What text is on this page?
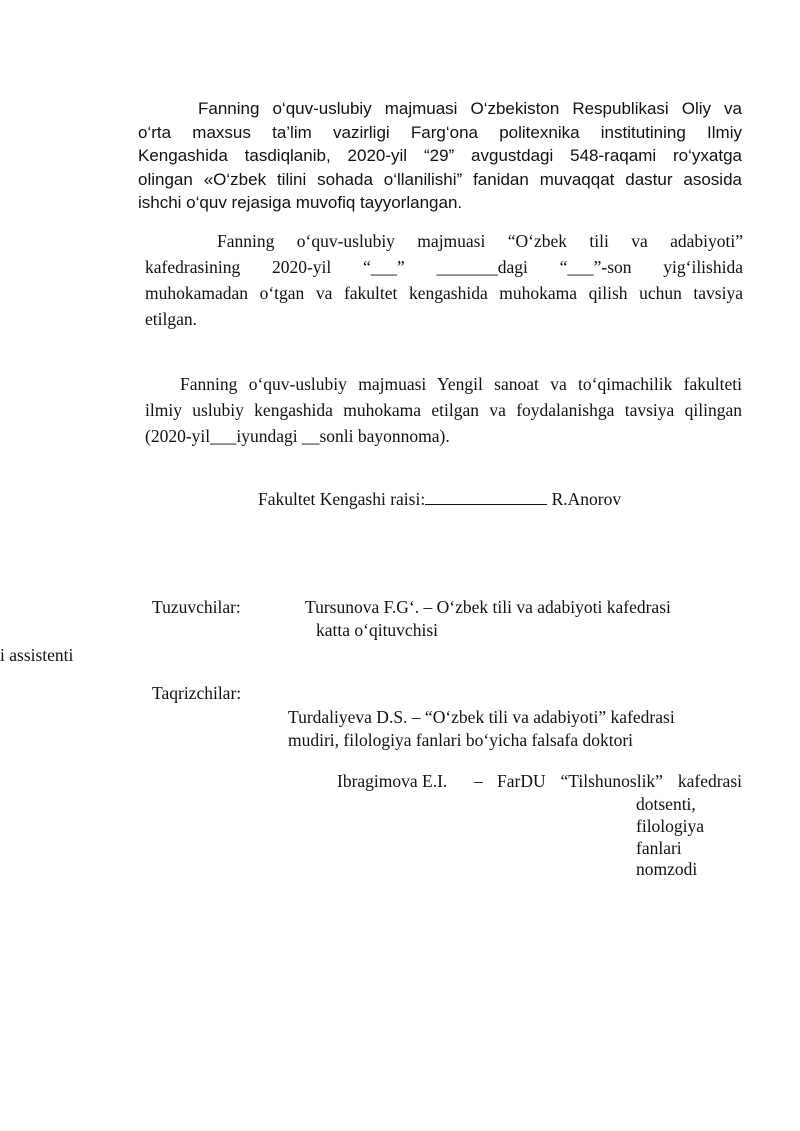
Fanning o‘quv-uslubiy majmuasi O‘zbekiston Respublikasi Oliy va
o‘rta maxsus ta’lim vazirligi Farg‘ona politexnika institutining Ilmiy
Kengashida tasdiqlanib, 2020-yil “29” avgustdagi 548-raqami ro‘yxatga
olingan «O‘zbek tilini sohada o‘llanilishi” fanidan muvaqqat dastur asosida
ishchi o‘quv rejasiga muvofiq tayyorlangan.
Fanning o‘quv-uslubiy majmuasi “O‘zbek tili va adabiyoti”
kafedrasining 2020-yil “___” _______dagi “___”-son yig‘ilishida
muhokamadan o‘tgan va fakultet kengashida muhokama qilish uchun tavsiya
etilgan.
Fanning o‘quv-uslubiy majmuasi Yengil sanoat va to‘qimachilik fakulteti
ilmiy uslubiy kengashida muhokama etilgan va foydalanishga tavsiya qilingan
(2020-yil___iyundagi __sonli bayonnoma).
Fakultet Kengashi raisi:	R.Anorov
Tuzuvchilar:	Tursunova F.G‘. – O‘zbek tili va adabiyoti kafedrasi
katta o‘qituvchisi
i assistenti
Taqrizchilar:
Turdaliyeva D.S. – “O‘zbek tili va adabiyoti” kafedrasi
mudiri, filologiya fanlari bo‘yicha falsafa doktori
Ibragimova E.I. – FarDU “Tilshunoslik” kafedrasi
dotsenti,
filologiya
fanlari
nomzodi
